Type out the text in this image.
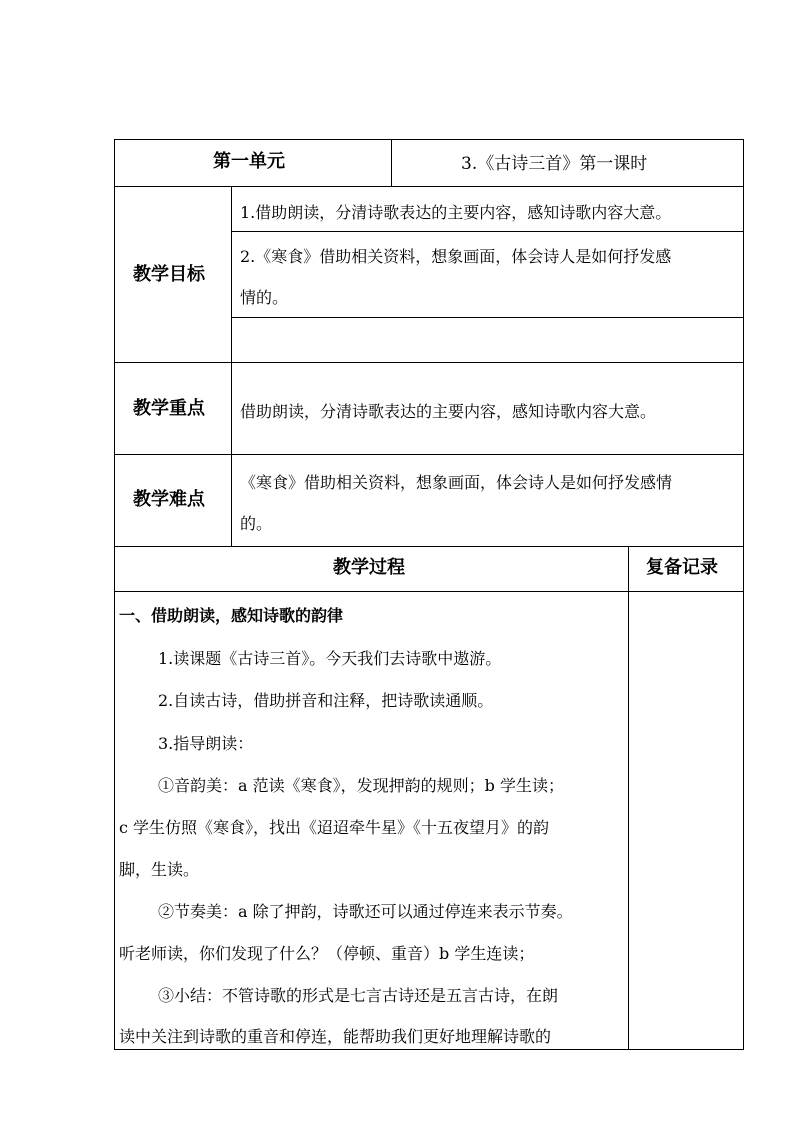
第一单元	3.《古诗三首》第一课时
教学目标
1.借助朗读，分清诗歌表达的主要内容，感知诗歌内容大意。
2.《寒食》借助相关资料，想象画面，体会诗人是如何抒发感
情的。
教学重点 借助朗读，分清诗歌表达的主要内容，感知诗歌内容大意。
教学难点
《寒食》借助相关资料，想象画面，体会诗人是如何抒发感情
的。
教学过程	复备记录
一、借助朗读，感知诗歌的韵律
1.读课题《古诗三首》。今天我们去诗歌中遨游。
2.自读古诗，借助拼音和注释，把诗歌读通顺。
3.指导朗读：
①音韵美：a 范读《寒食》，发现押韵的规则；b 学生读；
c 学生仿照《寒食》，找出《迢迢牵牛星》《十五夜望月》的韵
脚，生读。
②节奏美：a 除了押韵，诗歌还可以通过停连来表示节奏。
听老师读，你们发现了什么？（停顿、重音）b 学生连读；
③小结：不管诗歌的形式是七言古诗还是五言古诗，在朗
读中关注到诗歌的重音和停连，能帮助我们更好地理解诗歌的
